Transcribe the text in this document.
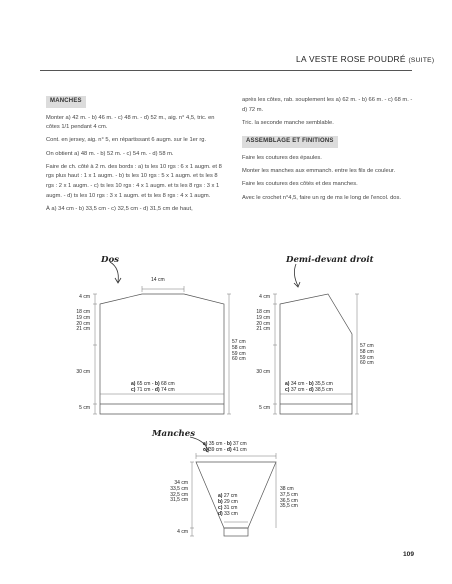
LA VESTE ROSE POUDRÉ (SUITE)
MANCHES

Monter a) 42 m. - b) 46 m. - c) 48 m. - d) 52 m., aig. n° 4,5, tric. en côtes 1/1 pendant 4 cm.

Cont. en jersey, aig. n° 5, en répartissant 6 augm. sur le 1er rg.

On obtient a) 48 m. - b) 52 m. - c) 54 m. - d) 58 m.

Faire de ch. côté à 2 m. des bords : a) ts les 10 rgs : 6 x 1 augm. et 8 rgs plus haut : 1 x 1 augm. - b) ts les 10 rgs : 5 x 1 augm. et ts les 8 rgs : 2 x 1 augm. - c) ts les 10 rgs : 4 x 1 augm. et ts les 8 rgs : 3 x 1 augm. - d) ts les 10 rgs : 3 x 1 augm. et ts les 8 rgs : 4 x 1 augm.

À a) 34 cm - b) 33,5 cm - c) 32,5 cm - d) 31,5 cm de haut,

après les côtes, rab. souplement les a) 62 m. - b) 66 m. - c) 68 m. - d) 72 m.

Tric. la seconde manche semblable.

ASSEMBLAGE ET FINITIONS

Faire les coutures des épaules.

Monter les manches aux emmanch. entre les fils de couleur.

Faire les coutures des côtés et des manches.

Avec le crochet n°4,5, faire un rg de ms le long de l'encol. dos.

Dos
14 cm
4 cm
18 cm
19 cm
20 cm
21 cm
30 cm
5 cm
57 cm
58 cm
59 cm
60 cm
a) 65 cm - b) 68 cm
c) 71 cm - d) 74 cm
Demi-devant droit
4 cm
18 cm
19 cm
20 cm
21 cm
30 cm
5 cm
57 cm
58 cm
59 cm
60 cm
a) 34 cm - b) 35,5 cm
c) 37 cm - d) 38,5 cm
Manches
a) 35 cm - b) 37 cm
c) 39 cm - d) 41 cm
34 cm
33,5 cm
32,5 cm
31,5 cm
4 cm
38 cm
37,5 cm
36,5 cm
35,5 cm
a) 27 cm
b) 29 cm
c) 31 cm
d) 33 cm
109
